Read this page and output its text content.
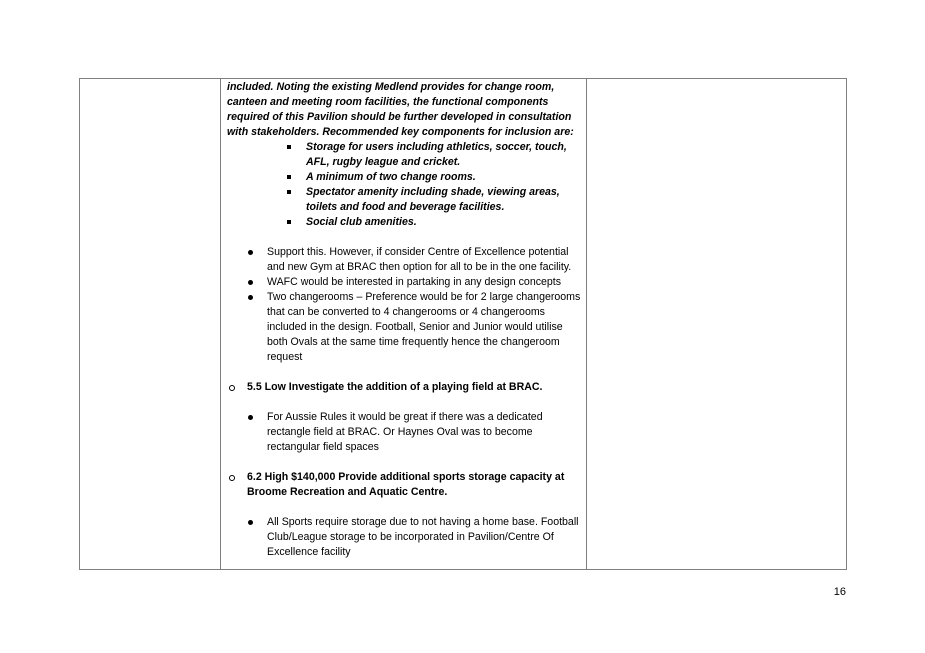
included. Noting the existing Medlend provides for change room, canteen and meeting room facilities, the functional components required of this Pavilion should be further developed in consultation with stakeholders. Recommended key components for inclusion are:

Storage for users including athletics, soccer, touch, AFL, rugby league and cricket.
A minimum of two change rooms.
Spectator amenity including shade, viewing areas, toilets and food and beverage facilities.
Social club amenities.
Support this. However, if consider Centre of Excellence potential and new Gym at BRAC then option for all to be in the one facility.
WAFC would be interested in partaking in any design concepts
Two changerooms – Preference would be for 2 large changerooms that can be converted to 4 changerooms or 4 changerooms included in the design. Football, Senior and Junior would utilise both Ovals at the same time frequently hence the changeroom request

5.5 Low Investigate the addition of a playing field at BRAC.

For Aussie Rules it would be great if there was a dedicated rectangle field at BRAC. Or Haynes Oval was to become rectangular field spaces

6.2 High $140,000 Provide additional sports storage capacity at Broome Recreation and Aquatic Centre.

All Sports require storage due to not having a home base. Football Club/League storage to be incorporated in Pavilion/Centre Of Excellence facility
16
